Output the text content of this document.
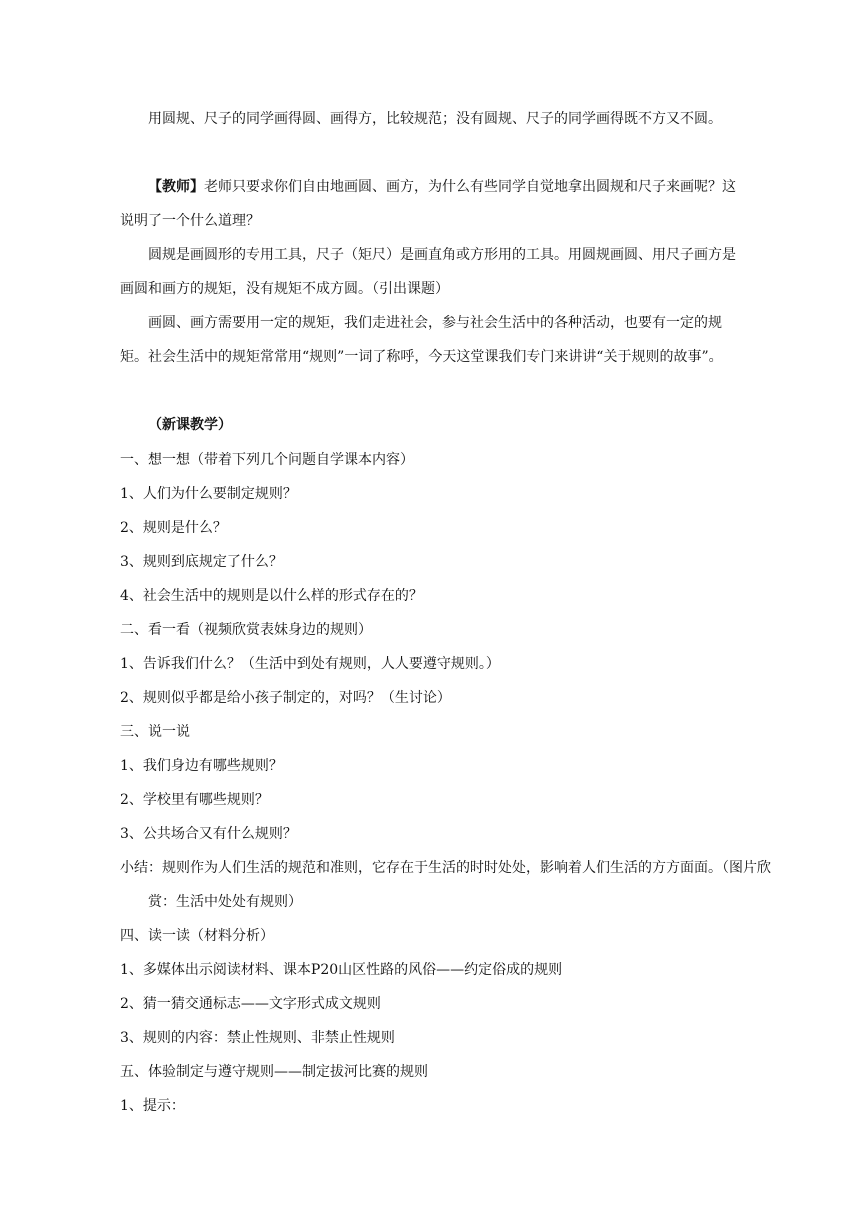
用圆规、尺子的同学画得圆、画得方，比较规范；没有圆规、尺子的同学画得既不方又不圆。

【教师】老师只要求你们自由地画圆、画方，为什么有些同学自觉地拿出圆规和尺子来画呢？这说明了一个什么道理？

圆规是画圆形的专用工具，尺子（矩尺）是画直角或方形用的工具。用圆规画圆、用尺子画方是画圆和画方的规矩，没有规矩不成方圆。（引出课题）

画圆、画方需要用一定的规矩，我们走进社会，参与社会生活中的各种活动，也要有一定的规矩。社会生活中的规矩常常用“规则”一词了称呼，今天这堂课我们专门来讲讲“关于规则的故事”。

（新课教学）

一、想一想（带着下列几个问题自学课本内容）

1、人们为什么要制定规则？

2、规则是什么？

3、规则到底规定了什么？

4、社会生活中的规则是以什么样的形式存在的？

二、看一看（视频欣赏表妹身边的规则）

1、告诉我们什么？（生活中到处有规则，人人要遵守规则。）

2、规则似乎都是给小孩子制定的，对吗？（生讨论）

三、说一说

1、我们身边有哪些规则？

2、学校里有哪些规则？

3、公共场合又有什么规则？

小结：规则作为人们生活的规范和准则，它存在于生活的时时处处，影响着人们生活的方方面面。（图片欣赏：生活中处处有规则）

四、读一读（材料分析）

1、多媒体出示阅读材料、课本P20山区性路的风俗——约定俗成的规则

2、猜一猜交通标志——文字形式成文规则

3、规则的内容：禁止性规则、非禁止性规则

五、体验制定与遵守规则——制定拔河比赛的规则

1、提示：
